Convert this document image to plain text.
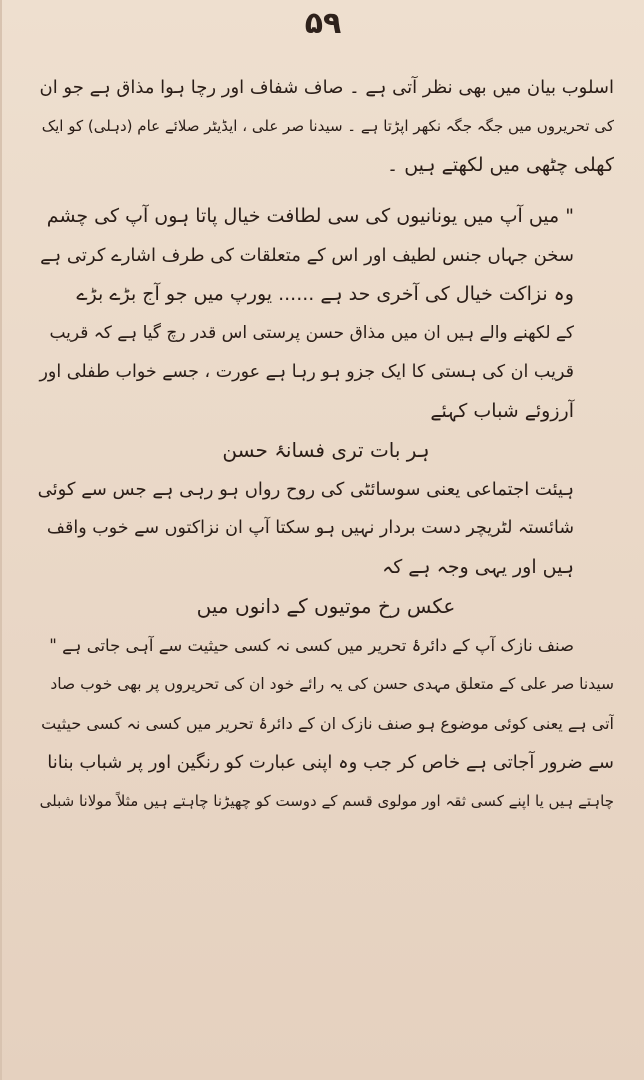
۵۹
اسلوب بیان میں بھی نظر آتی ہے ۔ صاف شفاف اور رچا ہوا مذاق ہے جو ان
کی تحریروں میں جگہ جگہ نکھر اپڑتا ہے ۔ سیدنا صر علی ، ایڈیٹر صلائے عام (دہلی) کو ایک
کھلی چٹھی میں لکھتے ہیں ۔
" میں آپ میں یونانیوں کی سی لطافت خیال پاتا ہوں آپ کی چشم
سخن جہاں جنس لطیف اور اس کے متعلقات کی طرف اشارے کرتی ہے
وہ نزاکت خیال کی آخری حد ہے ...... یورپ میں جو آج بڑے بڑے
کے لکھنے والے ہیں ان میں مذاق حسن پرستی اس قدر رچ گیا ہے کہ قریب
قریب ان کی ہستی کا ایک جزو ہو رہا ہے عورت ، جسے خواب طفلی اور
آرزوئے شباب کہئے
ہر بات تری فسانۂ حسن
ہیئت اجتماعی یعنی سوسائٹی کی روح رواں ہو رہی ہے جس سے کوئی
شائستہ لٹریچر دست بردار نہیں ہو سکتا آپ ان نزاکتوں سے خوب واقف
ہیں اور یہی وجہ ہے کہ
عکس رخ موتیوں کے دانوں میں
صنف نازک آپ کے دائرۂ تحریر میں کسی نہ کسی حیثیت سے آہی جاتی ہے "
سیدنا صر علی کے متعلق مہدی حسن کی یہ رائے خود ان کی تحریروں پر بھی خوب صاد
آتی ہے یعنی کوئی موضوع ہو صنف نازک ان کے دائرۂ تحریر میں کسی نہ کسی حیثیت
سے ضرور آجاتی ہے خاص کر جب وہ اپنی عبارت کو رنگین اور پر شباب بنانا
چاہتے ہیں یا اپنے کسی ثقہ اور مولوی قسم کے دوست کو چھیڑنا چاہتے ہیں مثلاً مولانا شبلی
